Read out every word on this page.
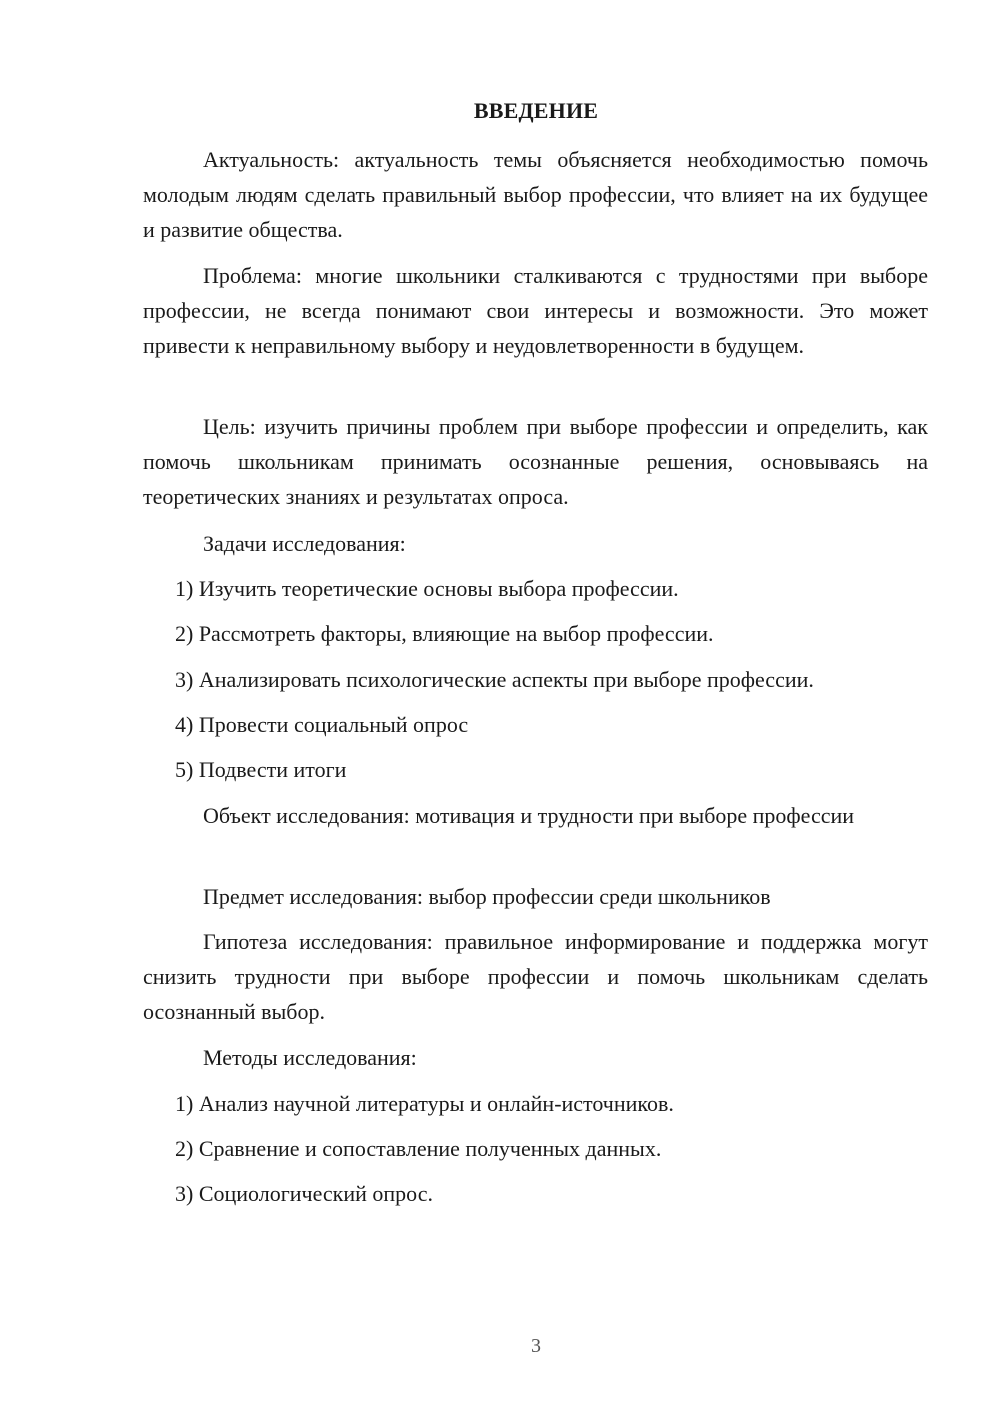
ВВЕДЕНИЕ

Актуальность: актуальность темы объясняется необходимостью помочь молодым людям сделать правильный выбор профессии, что влияет на их будущее и развитие общества.

Проблема: многие школьники сталкиваются с трудностями при выборе профессии, не всегда понимают свои интересы и возможности. Это может привести к неправильному выбору и неудовлетворенности в будущем.

Цель: изучить причины проблем при выборе профессии и определить, как помочь школьникам принимать осознанные решения, основываясь на теоретических знаниях и результатах опроса.

Задачи исследования:
1) Изучить теоретические основы выбора профессии.
2) Рассмотреть факторы, влияющие на выбор профессии.
3) Анализировать психологические аспекты при выборе профессии.
4) Провести социальный опрос
5) Подвести итоги

Объект исследования: мотивация и трудности при выборе профессии

Предмет исследования: выбор профессии среди школьников

Гипотеза исследования: правильное информирование и поддержка могут снизить трудности при выборе профессии и помочь школьникам сделать осознанный выбор.

Методы исследования:
1) Анализ научной литературы и онлайн-источников.
2) Сравнение и сопоставление полученных данных.
3) Социологический опрос.
3
